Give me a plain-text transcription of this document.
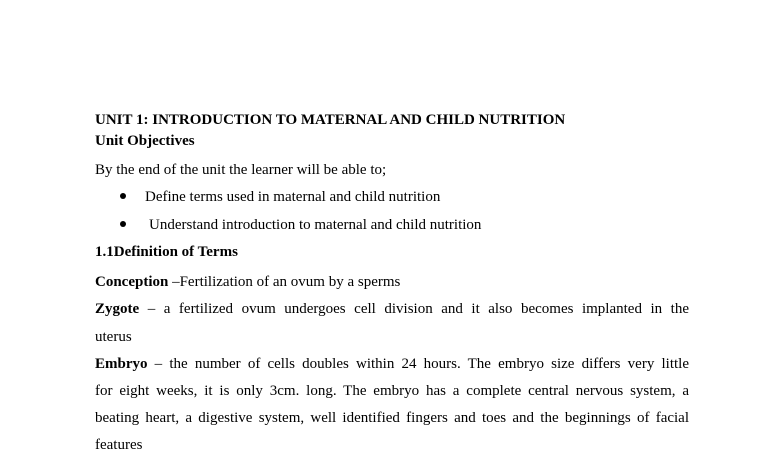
UNIT 1: INTRODUCTION TO MATERNAL AND CHILD NUTRITION
Unit Objectives
By the end of the unit the learner will be able to;
Define terms used in maternal and child nutrition
Understand introduction to maternal and child nutrition
1.1Definition of Terms
Conception –Fertilization of an ovum by a sperms
Zygote – a fertilized ovum undergoes cell division and it also becomes implanted in the
uterus
Embryo – the number of cells doubles within 24 hours. The embryo size differs very little
for eight weeks, it is only 3cm. long. The embryo has a complete central nervous system, a
beating heart, a digestive system, well identified fingers and toes and the beginnings of facial
features
